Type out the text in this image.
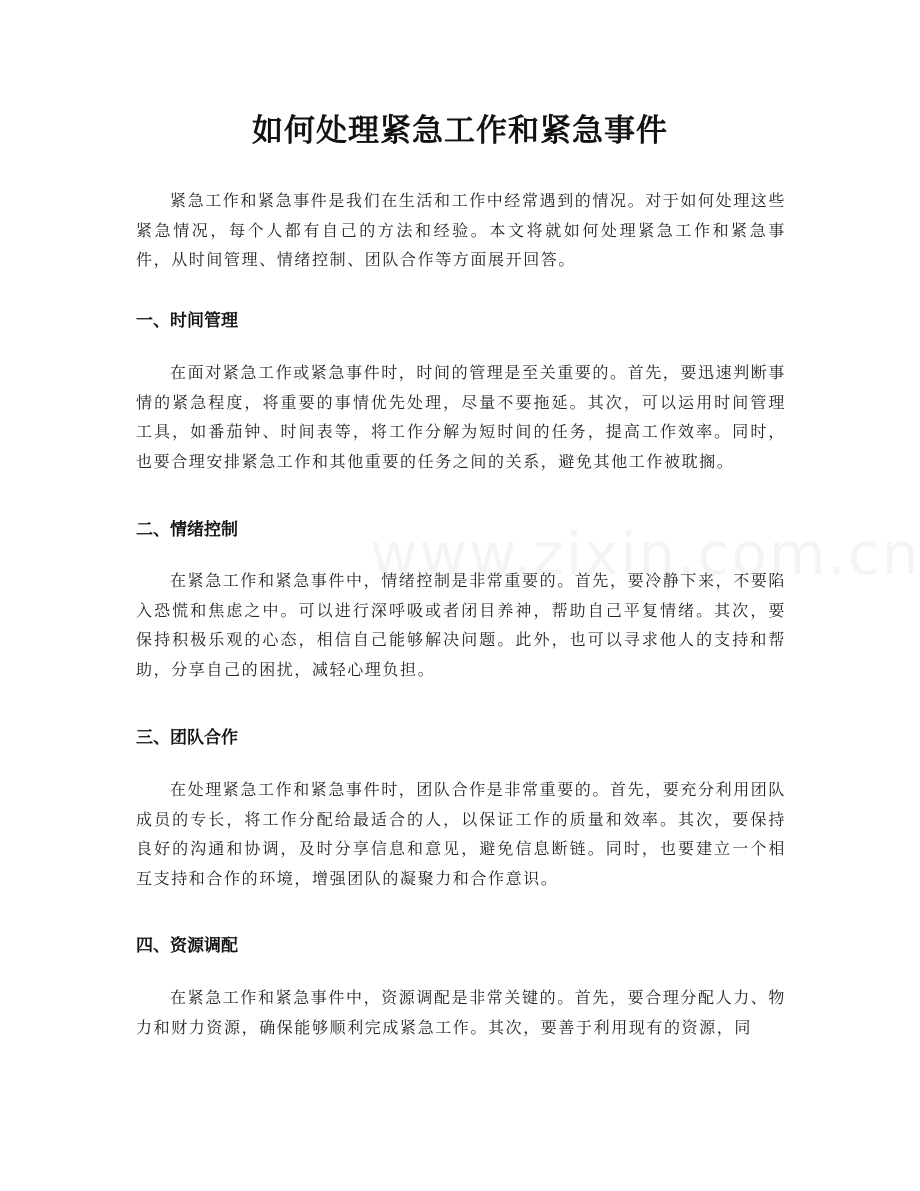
如何处理紧急工作和紧急事件

紧急工作和紧急事件是我们在生活和工作中经常遇到的情况。对于如何处理这些紧急情况，每个人都有自己的方法和经验。本文将就如何处理紧急工作和紧急事件，从时间管理、情绪控制、团队合作等方面展开回答。

一、时间管理

在面对紧急工作或紧急事件时，时间的管理是至关重要的。首先，要迅速判断事情的紧急程度，将重要的事情优先处理，尽量不要拖延。其次，可以运用时间管理工具，如番茄钟、时间表等，将工作分解为短时间的任务，提高工作效率。同时，也要合理安排紧急工作和其他重要的任务之间的关系，避免其他工作被耽搁。

二、情绪控制

在紧急工作和紧急事件中，情绪控制是非常重要的。首先，要冷静下来，不要陷入恐慌和焦虑之中。可以进行深呼吸或者闭目养神，帮助自己平复情绪。其次，要保持积极乐观的心态，相信自己能够解决问题。此外，也可以寻求他人的支持和帮助，分享自己的困扰，减轻心理负担。

三、团队合作

在处理紧急工作和紧急事件时，团队合作是非常重要的。首先，要充分利用团队成员的专长，将工作分配给最适合的人，以保证工作的质量和效率。其次，要保持良好的沟通和协调，及时分享信息和意见，避免信息断链。同时，也要建立一个相互支持和合作的环境，增强团队的凝聚力和合作意识。

四、资源调配

在紧急工作和紧急事件中，资源调配是非常关键的。首先，要合理分配人力、物力和财力资源，确保能够顺利完成紧急工作。其次，要善于利用现有的资源，同
